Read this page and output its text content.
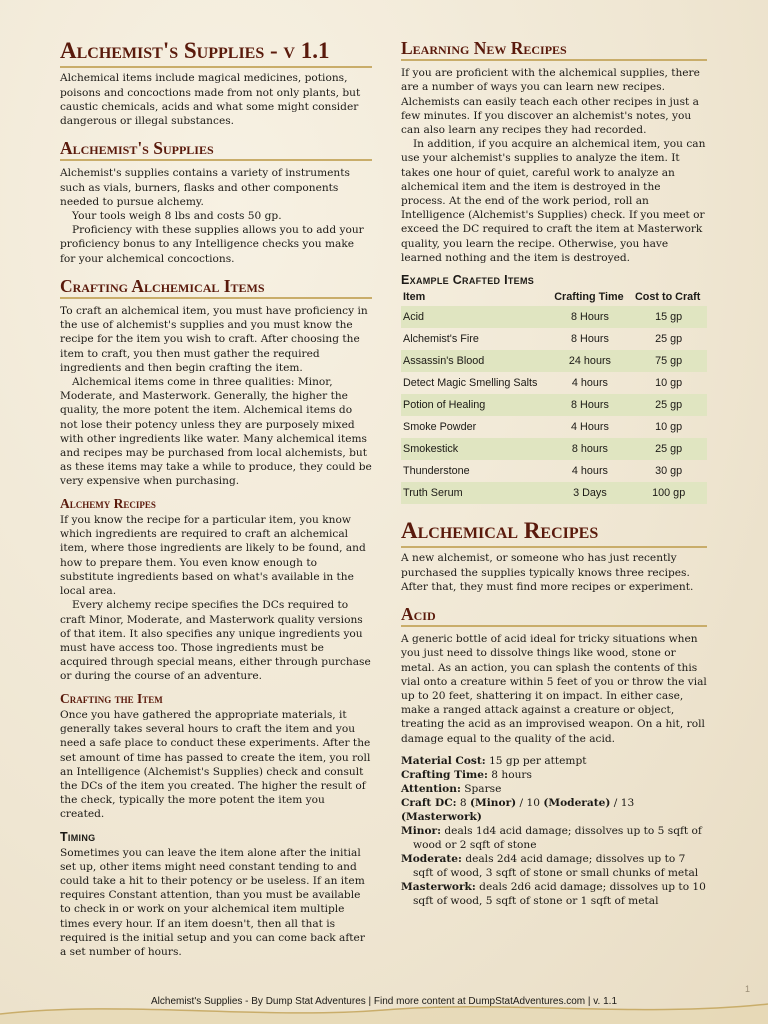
Alchemist's Supplies - v 1.1

Alchemical items include magical medicines, potions, poisons and concoctions made from not only plants, but caustic chemicals, acids and what some might consider dangerous or illegal substances.

Alchemist's Supplies

Alchemist's supplies contains a variety of instruments such as vials, burners, flasks and other components needed to pursue alchemy.

Your tools weigh 8 lbs and costs 50 gp.

Proficiency with these supplies allows you to add your proficiency bonus to any Intelligence checks you make for your alchemical concoctions.

Crafting Alchemical Items

To craft an alchemical item, you must have proficiency in the use of alchemist's supplies and you must know the recipe for the item you wish to craft. After choosing the item to craft, you then must gather the required ingredients and then begin crafting the item.

Alchemical items come in three qualities: Minor, Moderate, and Masterwork. Generally, the higher the quality, the more potent the item. Alchemical items do not lose their potency unless they are purposely mixed with other ingredients like water. Many alchemical items and recipes may be purchased from local alchemists, but as these items may take a while to produce, they could be very expensive when purchasing.

Alchemy Recipes

If you know the recipe for a particular item, you know which ingredients are required to craft an alchemical item, where those ingredients are likely to be found, and how to prepare them. You even know enough to substitute ingredients based on what's available in the local area.

Every alchemy recipe specifies the DCs required to craft Minor, Moderate, and Masterwork quality versions of that item. It also specifies any unique ingredients you must have access too. Those ingredients must be acquired through special means, either through purchase or during the course of an adventure.

Crafting the Item

Once you have gathered the appropriate materials, it generally takes several hours to craft the item and you need a safe place to conduct these experiments. After the set amount of time has passed to create the item, you roll an Intelligence (Alchemist's Supplies) check and consult the DCs of the item you created. The higher the result of the check, typically the more potent the item you created.

Timing

Sometimes you can leave the item alone after the initial set up, other items might need constant tending to and could take a hit to their potency or be useless. If an item requires Constant attention, than you must be available to check in or work on your alchemical item multiple times every hour. If an item doesn't, then all that is required is the initial setup and you can come back after a set number of hours.

Learning New Recipes

If you are proficient with the alchemical supplies, there are a number of ways you can learn new recipes. Alchemists can easily teach each other recipes in just a few minutes. If you discover an alchemist's notes, you can also learn any recipes they had recorded.

In addition, if you acquire an alchemical item, you can use your alchemist's supplies to analyze the item. It takes one hour of quiet, careful work to analyze an alchemical item and the item is destroyed in the process. At the end of the work period, roll an Intelligence (Alchemist's Supplies) check. If you meet or exceed the DC required to craft the item at Masterwork quality, you learn the recipe. Otherwise, you have learned nothing and the item is destroyed.

Example Crafted Items
Item	Crafting Time	Cost to Craft
Acid	8 Hours	15 gp
Alchemist's Fire	8 Hours	25 gp
Assassin's Blood	24 hours	75 gp
Detect Magic Smelling Salts	4 hours	10 gp
Potion of Healing	8 Hours	25 gp
Smoke Powder	4 Hours	10 gp
Smokestick	8 hours	25 gp
Thunderstone	4 hours	30 gp
Truth Serum	3 Days	100 gp
Alchemical Recipes

A new alchemist, or someone who has just recently purchased the supplies typically knows three recipes. After that, they must find more recipes or experiment.

Acid

A generic bottle of acid ideal for tricky situations when you just need to dissolve things like wood, stone or metal. As an action, you can splash the contents of this vial onto a creature within 5 feet of you or throw the vial up to 20 feet, shattering it on impact. In either case, make a ranged attack against a creature or object, treating the acid as an improvised weapon. On a hit, roll damage equal to the quality of the acid.

Material Cost: 15 gp per attempt

Crafting Time: 8 hours

Attention: Sparse

Craft DC: 8 (Minor) / 10 (Moderate) / 13 (Masterwork)

Minor: deals 1d4 acid damage; dissolves up to 5 sqft of wood or 2 sqft of stone

Moderate: deals 2d4 acid damage; dissolves up to 7 sqft of wood, 3 sqft of stone or small chunks of metal

Masterwork: deals 2d6 acid damage; dissolves up to 10 sqft of wood, 5 sqft of stone or 1 sqft of metal

1
Alchemist's Supplies - By Dump Stat Adventures | Find more content at DumpStatAdventures.com | v. 1.1
